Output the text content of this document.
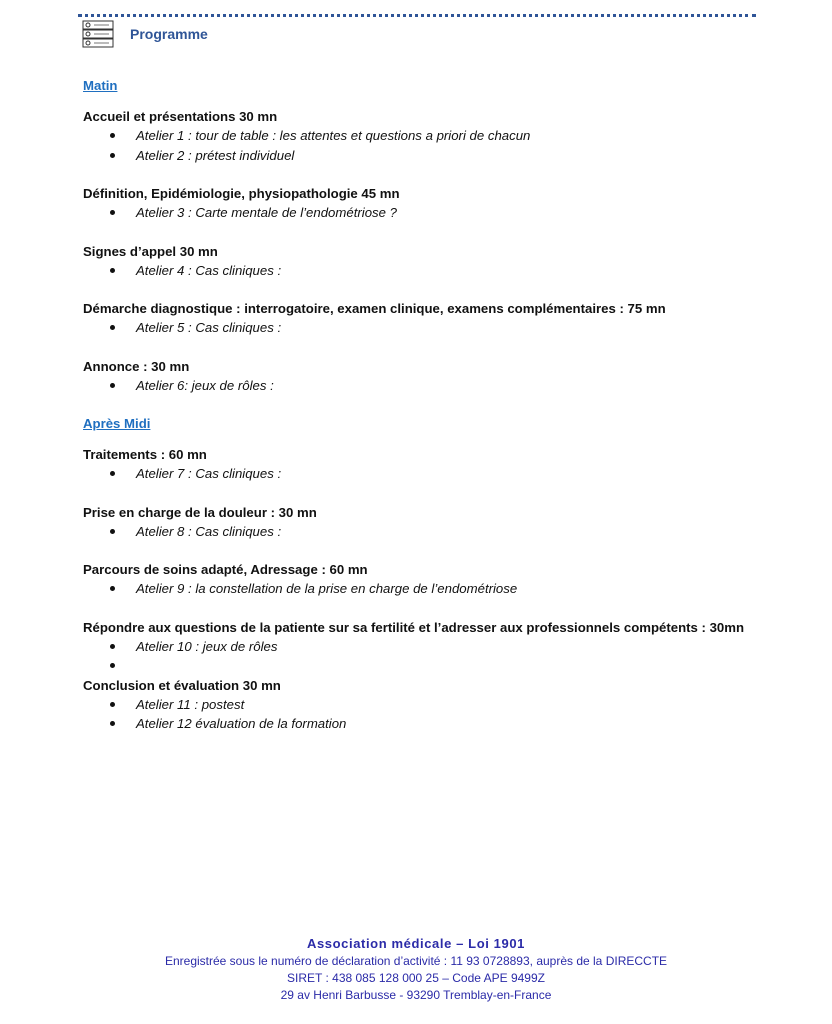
Programme
Matin
Accueil et présentations 30 mn
Atelier 1 : tour de table : les attentes et questions a priori de chacun
Atelier 2 : prétest individuel
Définition, Epidémiologie, physiopathologie 45 mn
Atelier 3 : Carte mentale de l’endométriose ?
Signes d’appel 30 mn
Atelier 4 : Cas cliniques :
Démarche diagnostique : interrogatoire, examen clinique, examens complémentaires : 75 mn
Atelier 5 : Cas cliniques :
Annonce : 30 mn
Atelier 6: jeux de rôles :
Après Midi
Traitements : 60 mn
Atelier 7 : Cas cliniques :
Prise en charge de la douleur : 30 mn
Atelier 8 : Cas cliniques :
Parcours de soins adapté, Adressage : 60 mn
Atelier 9 : la constellation de la prise en charge de l’endométriose
Répondre aux questions de la patiente sur sa fertilité et l’adresser aux professionnels compétents : 30mn
Atelier 10 : jeux de rôles
Conclusion et évaluation 30 mn
Atelier 11 : postest
Atelier 12 évaluation de la formation
Association médicale – Loi 1901
Enregistrée sous le numéro de déclaration d’activité : 11 93 0728893, auprès de la DIRECCTE
SIRET : 438 085 128 000 25 – Code APE 9499Z
29 av Henri Barbusse - 93290 Tremblay-en-France
